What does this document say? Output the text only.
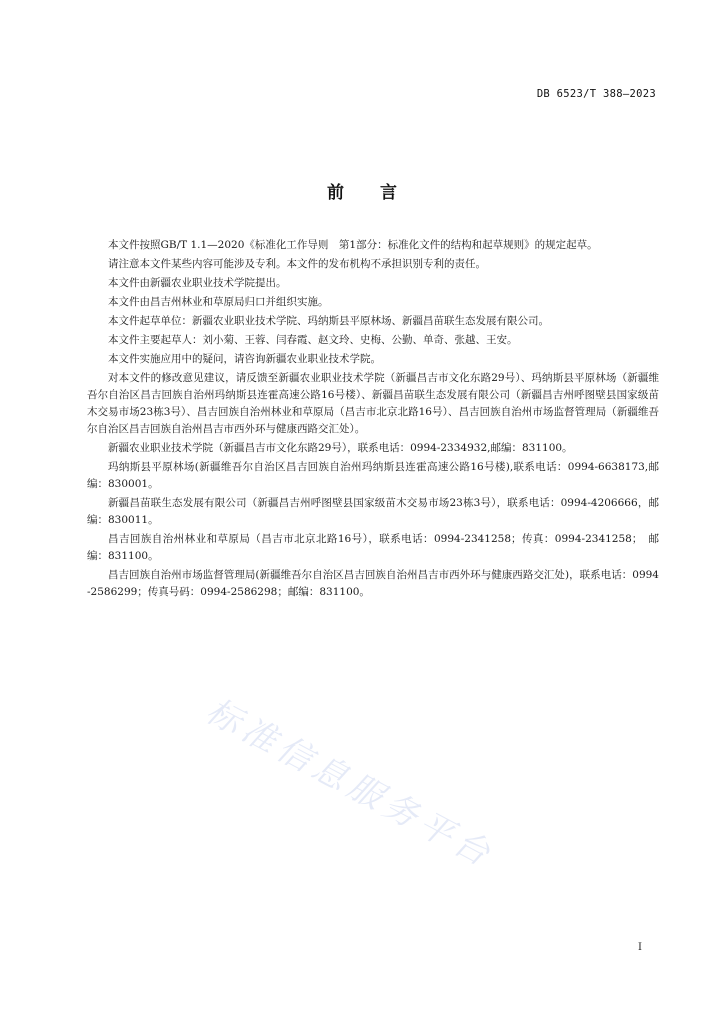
DB 6523/T 388—2023
前言

本文件按照GB/T 1.1—2020《标准化工作导则　第1部分：标准化文件的结构和起草规则》的规定起草。

请注意本文件某些内容可能涉及专利。本文件的发布机构不承担识别专利的责任。

本文件由新疆农业职业技术学院提出。

本文件由昌吉州林业和草原局归口并组织实施。

本文件起草单位：新疆农业职业技术学院、玛纳斯县平原林场、新疆昌苗联生态发展有限公司。

本文件主要起草人：刘小菊、王蓉、闫春霞、赵文玲、史梅、公勤、单奇、张越、王安。

本文件实施应用中的疑问，请咨询新疆农业职业技术学院。

对本文件的修改意见建议，请反馈至新疆农业职业技术学院（新疆昌吉市文化东路29号）、玛纳斯县平原林场（新疆维吾尔自治区昌吉回族自治州玛纳斯县连霍高速公路16号楼）、新疆昌苗联生态发展有限公司（新疆昌吉州呼图壁县国家级苗木交易市场23栋3号）、昌吉回族自治州林业和草原局（昌吉市北京北路16号）、昌吉回族自治州市场监督管理局（新疆维吾尔自治区昌吉回族自治州昌吉市西外环与健康西路交汇处）。

新疆农业职业技术学院（新疆昌吉市文化东路29号），联系电话：0994-2334932,邮编：831100。

玛纳斯县平原林场(新疆维吾尔自治区昌吉回族自治州玛纳斯县连霍高速公路16号楼),联系电话：0994-6638173,邮编：830001。

新疆昌苗联生态发展有限公司（新疆昌吉州呼图壁县国家级苗木交易市场23栋3号），联系电话：0994-4206666，邮编：830011。

昌吉回族自治州林业和草原局（昌吉市北京北路16号），联系电话：0994-2341258；传真：0994-2341258；　邮编：831100。

昌吉回族自治州市场监督管理局(新疆维吾尔自治区昌吉回族自治州昌吉市西外环与健康西路交汇处)，联系电话：0994-2586299；传真号码：0994-2586298；邮编：831100。

标准信息服务平台
I
